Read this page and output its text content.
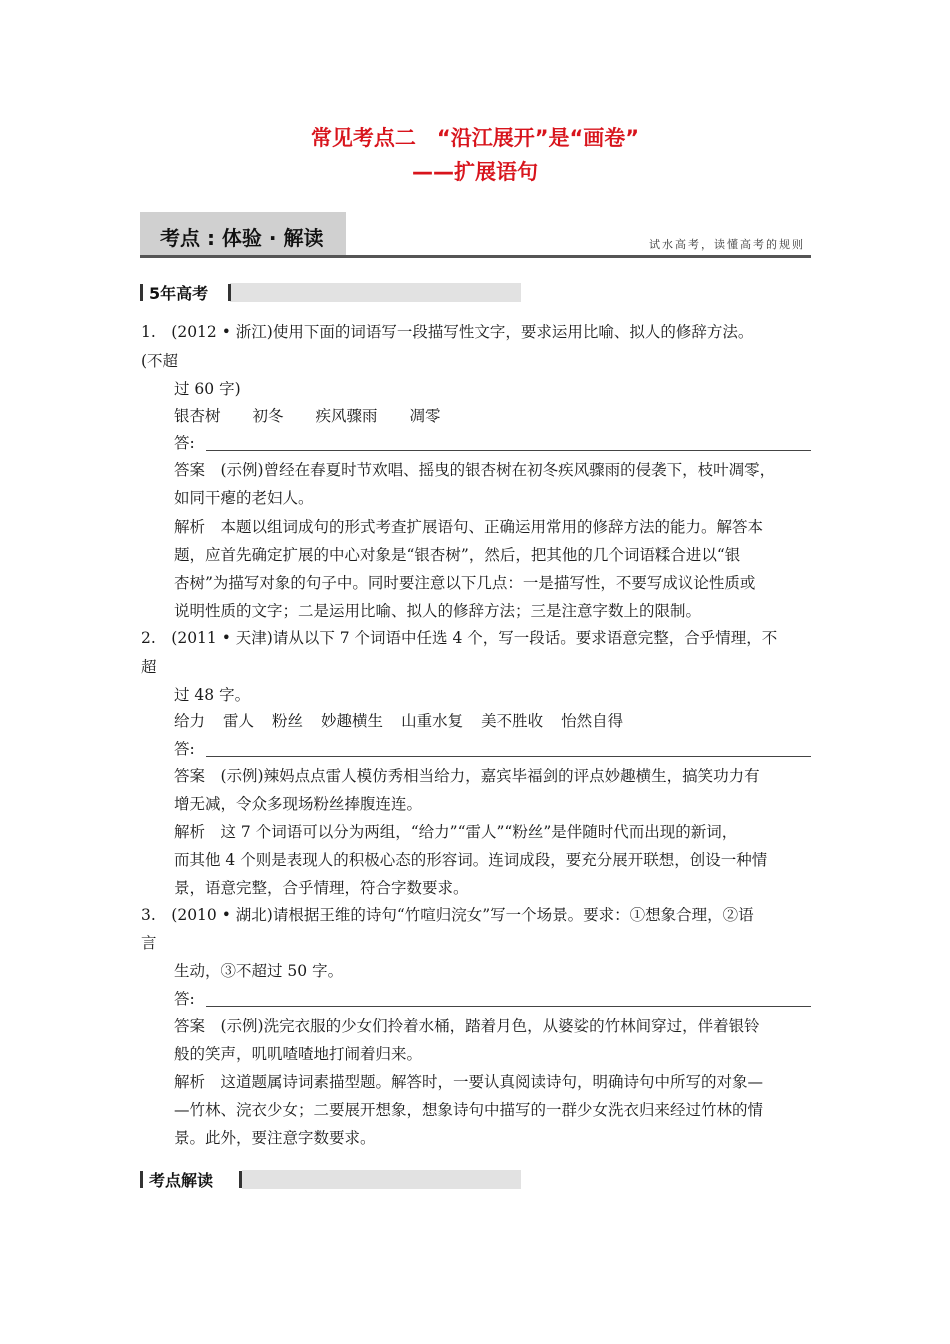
常见考点二　“沿江展开”是“画卷”
——扩展语句
考点 : 体验 · 解读	试水高考，读懂高考的规则
5年高考
1.　(2012 • 浙江)使用下面的词语写一段描写性文字，要求运用比喻、拟人的修辞方法。
(不超
过 60 字)
银杏树 初冬 疾风骤雨 凋零
答:
答案　(示例)曾经在春夏时节欢唱、摇曳的银杏树在初冬疾风骤雨的侵袭下，枝叶凋零，
如同干瘪的老妇人。
解析　本题以组词成句的形式考查扩展语句、正确运用常用的修辞方法的能力。解答本
题，应首先确定扩展的中心对象是“银杏树”，然后，把其他的几个词语糅合进以“银
杏树”为描写对象的句子中。同时要注意以下几点：一是描写性，不要写成议论性质或
说明性质的文字；二是运用比喻、拟人的修辞方法；三是注意字数上的限制。
2.　(2011 • 天津)请从以下 7 个词语中任选 4 个，写一段话。要求语意完整，合乎情理，不
超
过 48 字。
给力 雷人 粉丝 妙趣横生 山重水复 美不胜收 怡然自得
答:
答案　(示例)辣妈点点雷人模仿秀相当给力，嘉宾毕福剑的评点妙趣横生，搞笑功力有
增无减，令众多现场粉丝捧腹连连。
解析　这 7 个词语可以分为两组，“给力”“雷人”“粉丝”是伴随时代而出现的新词，
而其他 4 个则是表现人的积极心态的形容词。连词成段，要充分展开联想，创设一种情
景，语意完整，合乎情理，符合字数要求。
3.　(2010 • 湖北)请根据王维的诗句“竹喧归浣女”写一个场景。要求：①想象合理，②语
言
生动，③不超过 50 字。
答:
答案　(示例)洗完衣服的少女们拎着水桶，踏着月色，从婆娑的竹林间穿过，伴着银铃
般的笑声，叽叽喳喳地打闹着归来。
解析　这道题属诗词素描型题。解答时，一要认真阅读诗句，明确诗句中所写的对象—
—竹林、浣衣少女；二要展开想象，想象诗句中描写的一群少女洗衣归来经过竹林的情
景。此外，要注意字数要求。
考点解读
